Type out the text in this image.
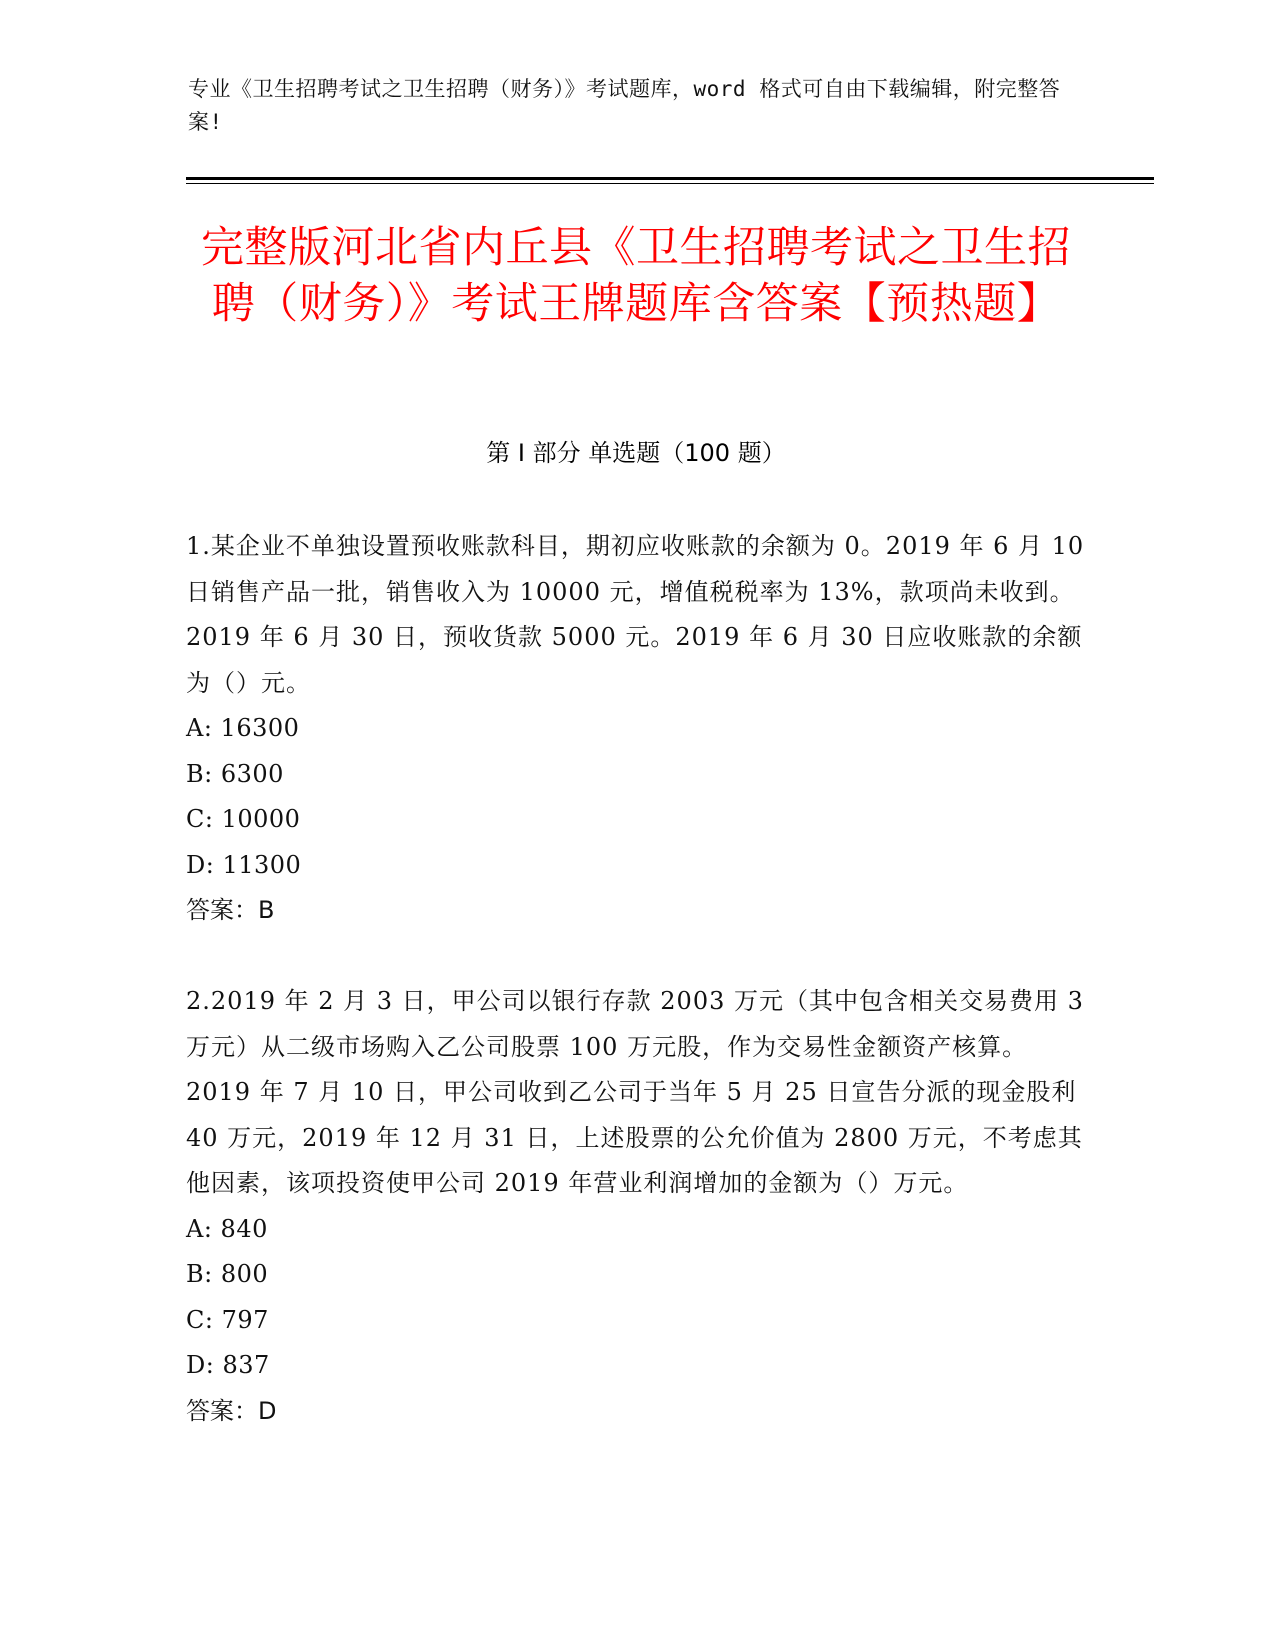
专业《卫生招聘考试之卫生招聘（财务）》考试题库，word 格式可自由下载编辑，附完整答案!
完整版河北省内丘县《卫生招聘考试之卫生招聘（财务）》考试王牌题库含答案【预热题】
第 I 部分 单选题（100 题）
1.某企业不单独设置预收账款科目，期初应收账款的余额为 0。2019 年 6 月 10 日销售产品一批，销售收入为 10000 元，增值税税率为 13%，款项尚未收到。2019 年 6 月 30 日，预收货款 5000 元。2019 年 6 月 30 日应收账款的余额为（）元。
A: 16300
B: 6300
C: 10000
D: 11300
答案：B
2.2019 年 2 月 3 日，甲公司以银行存款 2003 万元（其中包含相关交易费用 3 万元）从二级市场购入乙公司股票 100 万元股，作为交易性金额资产核算。2019 年 7 月 10 日，甲公司收到乙公司于当年 5 月 25 日宣告分派的现金股利 40 万元，2019 年 12 月 31 日，上述股票的公允价值为 2800 万元，不考虑其他因素，该项投资使甲公司 2019 年营业利润增加的金额为（）万元。
A: 840
B: 800
C: 797
D: 837
答案：D
